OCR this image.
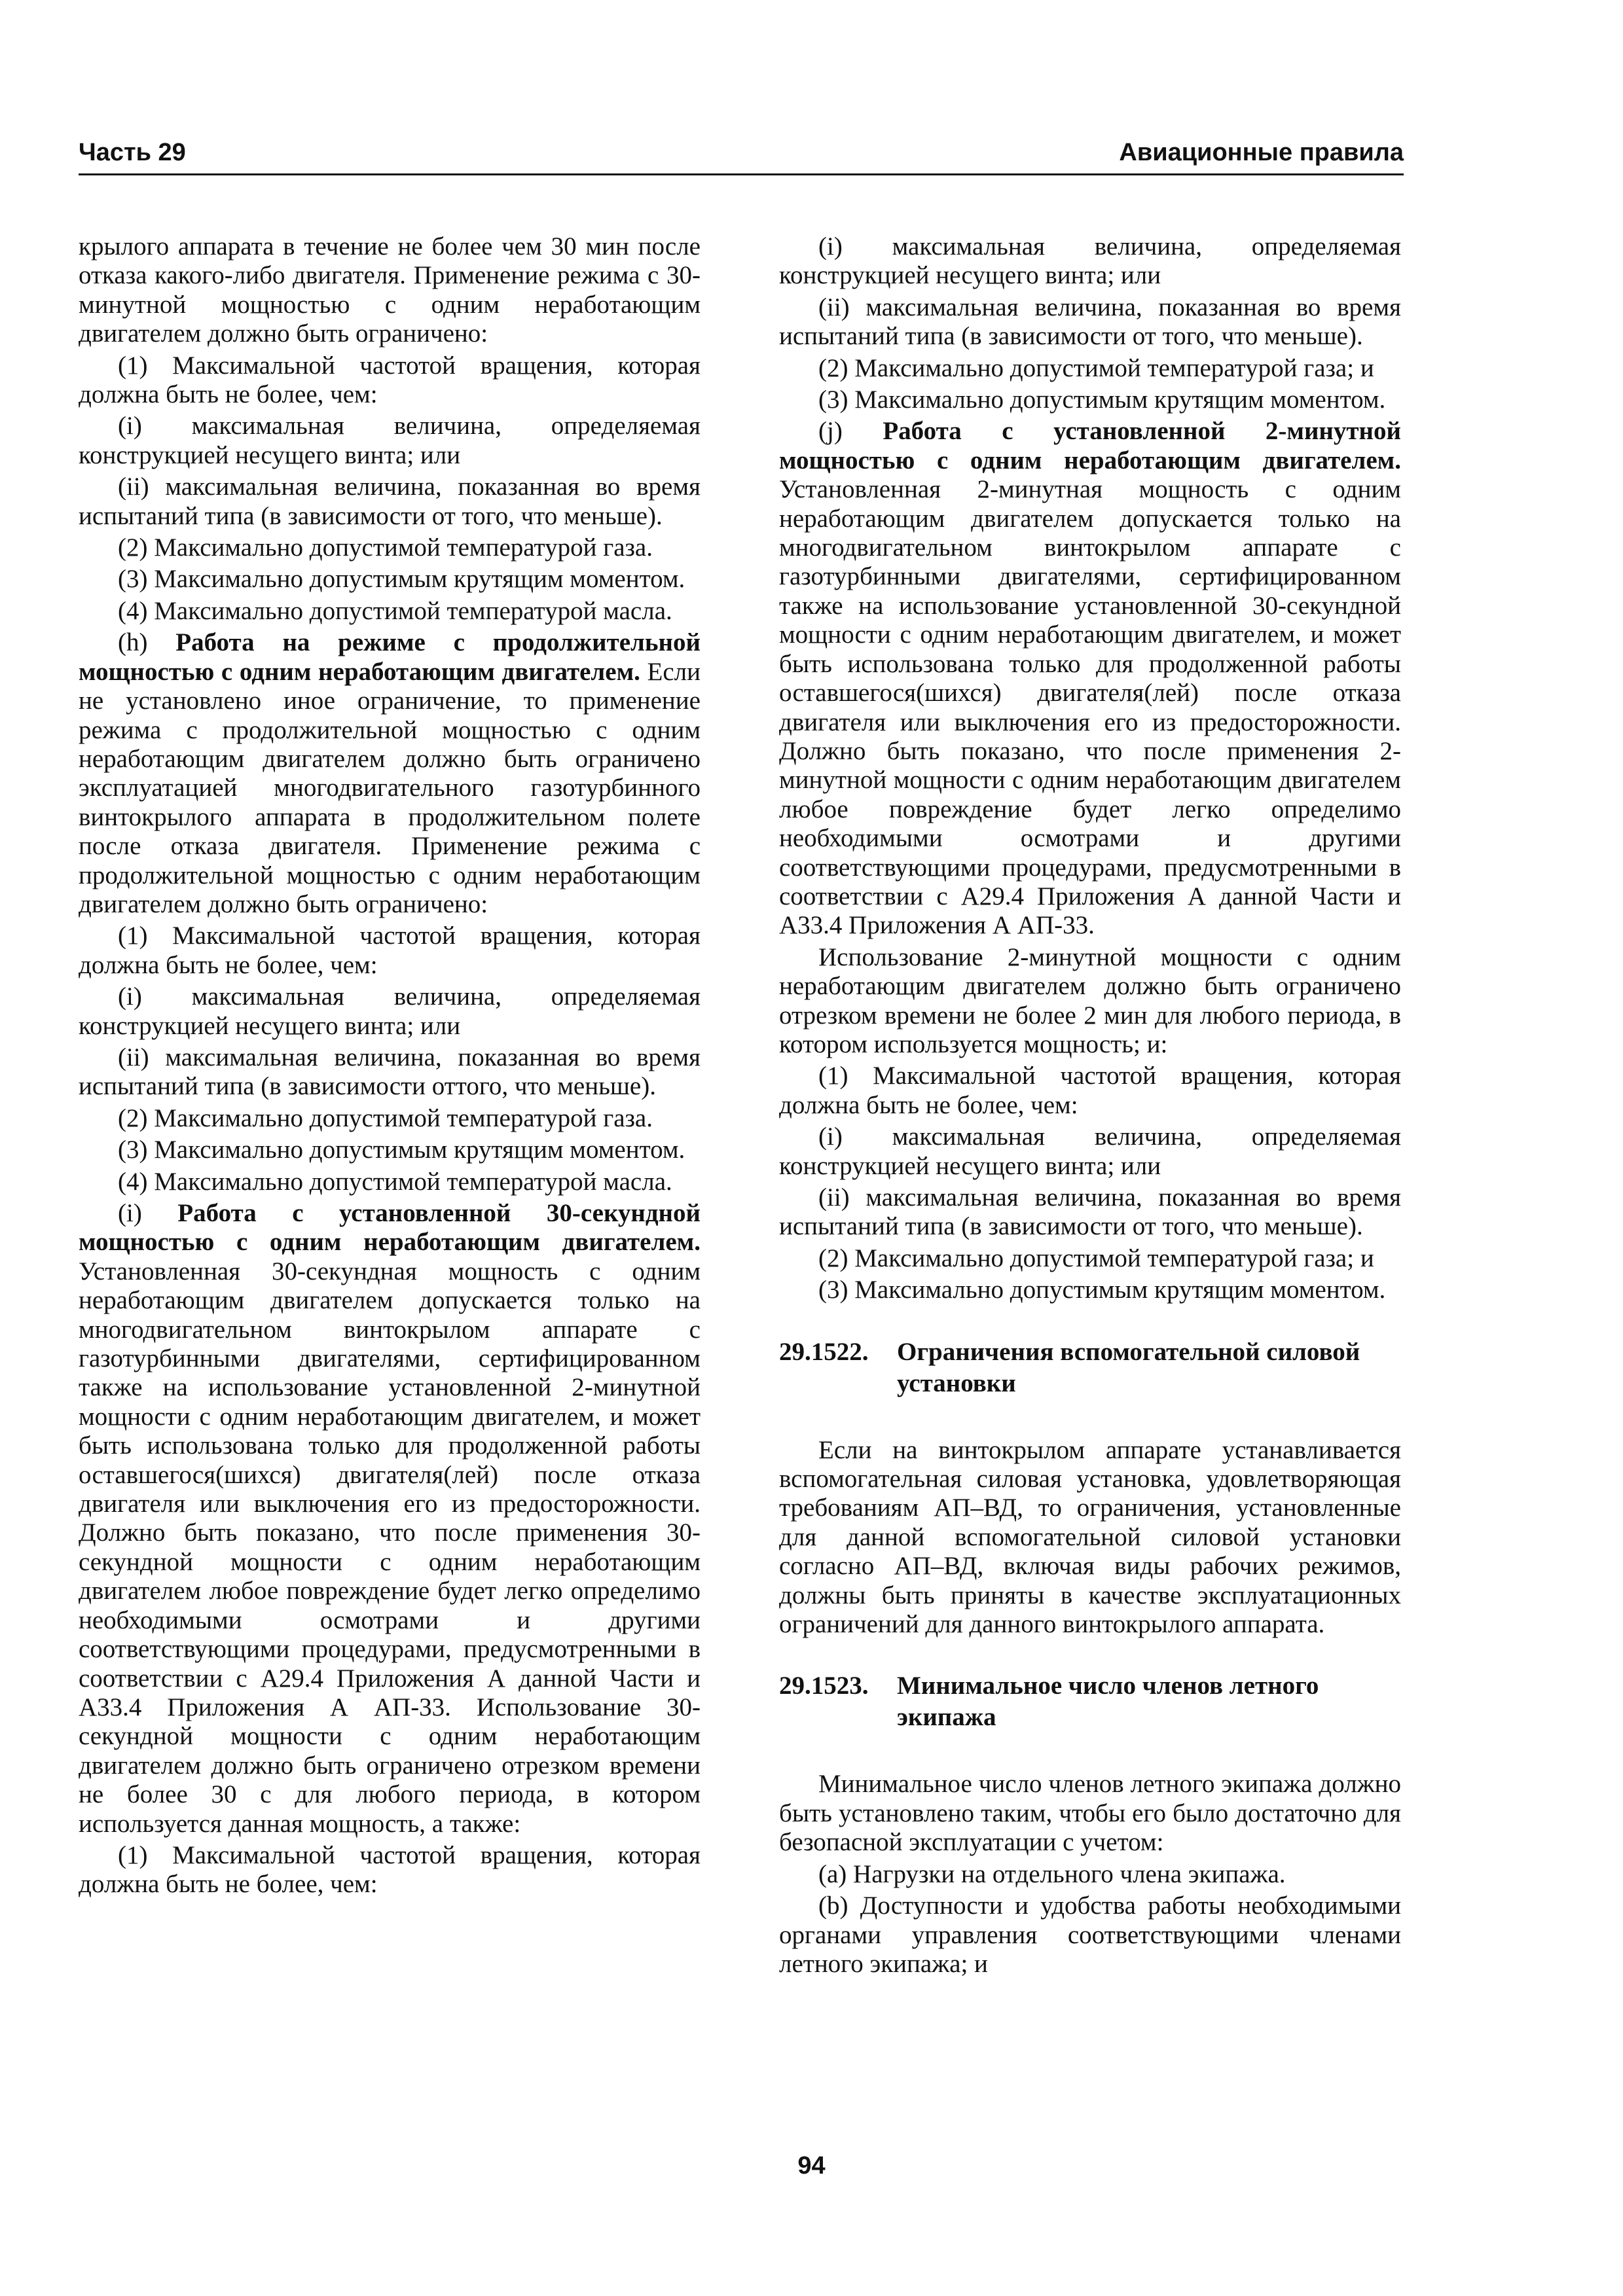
Часть 29	Авиационные правила

крылого аппарата в течение не более чем 30 мин после отказа какого-либо двигателя. Применение режима с 30-минутной мощностью с одним неработающим двигателем должно быть ограничено:

(1) Максимальной частотой вращения, которая должна быть не более, чем:

(i) максимальная величина, определяемая конструкцией несущего винта; или

(ii) максимальная величина, показанная во время испытаний типа (в зависимости от того, что меньше).

(2) Максимально допустимой температурой газа.

(3) Максимально допустимым крутящим моментом.

(4) Максимально допустимой температурой масла.

(h) Работа на режиме с продолжительной мощностью с одним неработающим двигателем. Если не установлено иное ограничение, то применение режима с продолжительной мощностью с одним неработающим двигателем должно быть ограничено эксплуатацией многодвигательного газотурбинного винтокрылого аппарата в продолжительном полете после отказа двигателя. Применение режима с продолжительной мощностью с одним неработающим двигателем должно быть ограничено:

(1) Максимальной частотой вращения, которая должна быть не более, чем:

(i) максимальная величина, определяемая конструкцией несущего винта; или

(ii) максимальная величина, показанная во время испытаний типа (в зависимости оттого, что меньше).

(2) Максимально допустимой температурой газа.

(3) Максимально допустимым крутящим моментом.

(4) Максимально допустимой температурой масла.

(i) Работа с установленной 30-секундной мощностью с одним неработающим двигателем. Установленная 30-секундная мощность с одним неработающим двигателем допускается только на многодвигательном винтокрылом аппарате с газотурбинными двигателями, сертифицированном также на использование установленной 2-минутной мощности с одним неработающим двигателем, и может быть использована только для продолженной работы оставшегося(шихся) двигателя(лей) после отказа двигателя или выключения его из предосторожности. Должно быть показано, что после применения 30-секундной мощности с одним неработающим двигателем любое повреждение будет легко определимо необходимыми осмотрами и другими соответствующими процедурами, предусмотренными в соответствии с А29.4 Приложения А данной Части и А33.4 Приложения А АП-33. Использование 30-секундной мощности с одним неработающим двигателем должно быть ограничено отрезком времени не более 30 с для любого периода, в котором используется данная мощность, а также:

(1) Максимальной частотой вращения, которая должна быть не более, чем:

(i) максимальная величина, определяемая конструкцией несущего винта; или

(ii) максимальная величина, показанная во время испытаний типа (в зависимости от того, что меньше).

(2) Максимально допустимой температурой газа; и

(3) Максимально допустимым крутящим моментом.

(j) Работа с установленной 2-минутной мощностью с одним неработающим двигателем. Установленная 2-минутная мощность с одним неработающим двигателем допускается только на многодвигательном винтокрылом аппарате с газотурбинными двигателями, сертифицированном также на использование установленной 30-секундной мощности с одним неработающим двигателем, и может быть использована только для продолженной работы оставшегося(шихся) двигателя(лей) после отказа двигателя или выключения его из предосторожности. Должно быть показано, что после применения 2-минутной мощности с одним неработающим двигателем любое повреждение будет легко определимо необходимыми осмотрами и другими соответствующими процедурами, предусмотренными в соответствии с А29.4 Приложения А данной Части и А33.4 Приложения А АП-33.

Использование 2-минутной мощности с одним неработающим двигателем должно быть ограничено отрезком времени не более 2 мин для любого периода, в котором используется мощность; и:

(1) Максимальной частотой вращения, которая должна быть не более, чем:

(i) максимальная величина, определяемая конструкцией несущего винта; или

(ii) максимальная величина, показанная во время испытаний типа (в зависимости от того, что меньше).

(2) Максимально допустимой температурой газа; и

(3) Максимально допустимым крутящим моментом.

29.1522.	Ограничения вспомогательной силовой установки

Если на винтокрылом аппарате устанавливается вспомогательная силовая установка, удовлетворяющая требованиям АП–ВД, то ограничения, установленные для данной вспомогательной силовой установки согласно АП–ВД, включая виды рабочих режимов, должны быть приняты в качестве эксплуатационных ограничений для данного винтокрылого аппарата.

29.1523.	Минимальное число членов летного экипажа

Минимальное число членов летного экипажа должно быть установлено таким, чтобы его было достаточно для безопасной эксплуатации с учетом:

(a) Нагрузки на отдельного члена экипажа.

(b) Доступности и удобства работы необходимыми органами управления соответствующими членами летного экипажа; и

94
